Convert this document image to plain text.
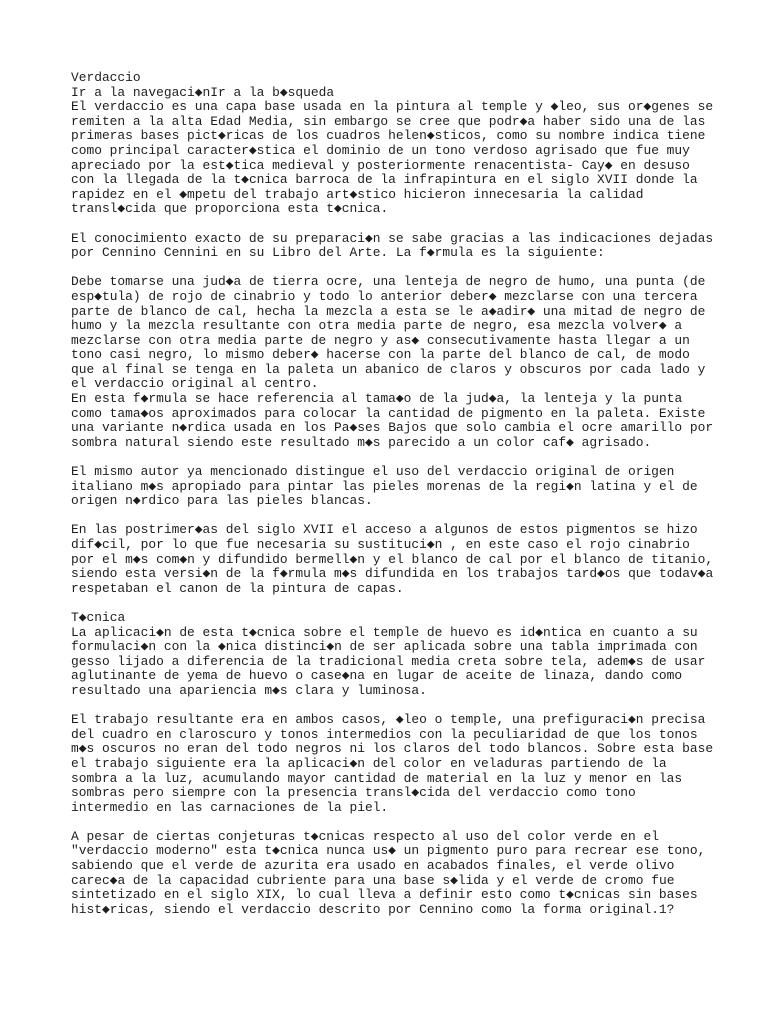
Verdaccio

Ir a la navegaci◆nIr a la b◆squeda

El verdaccio es una capa base usada en la pintura al temple y ◆leo, sus or◆genes se
remiten a la alta Edad Media, sin embargo se cree que podr◆a haber sido una de las
primeras bases pict◆ricas de los cuadros helen◆sticos, como su nombre indica tiene
como principal caracter◆stica el dominio de un tono verdoso agrisado que fue muy
apreciado por la est◆tica medieval y posteriormente renacentista- Cay◆ en desuso
con la llegada de la t◆cnica barroca de la infrapintura en el siglo XVII donde la
rapidez en el ◆mpetu del trabajo art◆stico hicieron innecesaria la calidad
transl◆cida que proporciona esta t◆cnica.

El conocimiento exacto de su preparaci◆n se sabe gracias a las indicaciones dejadas
por Cennino Cennini en su Libro del Arte. La f◆rmula es la siguiente:

Debe tomarse una jud◆a de tierra ocre, una lenteja de negro de humo, una punta (de
esp◆tula) de rojo de cinabrio y todo lo anterior deber◆ mezclarse con una tercera
parte de blanco de cal, hecha la mezcla a esta se le a◆adir◆ una mitad de negro de
humo y la mezcla resultante con otra media parte de negro, esa mezcla volver◆ a
mezclarse con otra media parte de negro y as◆ consecutivamente hasta llegar a un
tono casi negro, lo mismo deber◆ hacerse con la parte del blanco de cal, de modo
que al final se tenga en la paleta un abanico de claros y obscuros por cada lado y
el verdaccio original al centro.

En esta f◆rmula se hace referencia al tama◆o de la jud◆a, la lenteja y la punta
como tama◆os aproximados para colocar la cantidad de pigmento en la paleta. Existe
una variante n◆rdica usada en los Pa◆ses Bajos que solo cambia el ocre amarillo por
sombra natural siendo este resultado m◆s parecido a un color caf◆ agrisado.

El mismo autor ya mencionado distingue el uso del verdaccio original de origen
italiano m◆s apropiado para pintar las pieles morenas de la regi◆n latina y el de
origen n◆rdico para las pieles blancas.

En las postrimer◆as del siglo XVII el acceso a algunos de estos pigmentos se hizo
dif◆cil, por lo que fue necesaria su sustituci◆n , en este caso el rojo cinabrio
por el m◆s com◆n y difundido bermell◆n y el blanco de cal por el blanco de titanio,
siendo esta versi◆n de la f◆rmula m◆s difundida en los trabajos tard◆os que todav◆a
respetaban el canon de la pintura de capas.

T◆cnica

La aplicaci◆n de esta t◆cnica sobre el temple de huevo es id◆ntica en cuanto a su
formulaci◆n con la ◆nica distinci◆n de ser aplicada sobre una tabla imprimada con
gesso lijado a diferencia de la tradicional media creta sobre tela, adem◆s de usar
aglutinante de yema de huevo o case◆na en lugar de aceite de linaza, dando como
resultado una apariencia m◆s clara y luminosa.

El trabajo resultante era en ambos casos, ◆leo o temple, una prefiguraci◆n precisa
del cuadro en claroscuro y tonos intermedios con la peculiaridad de que los tonos
m◆s oscuros no eran del todo negros ni los claros del todo blancos. Sobre esta base
el trabajo siguiente era la aplicaci◆n del color en veladuras partiendo de la
sombra a la luz, acumulando mayor cantidad de material en la luz y menor en las
sombras pero siempre con la presencia transl◆cida del verdaccio como tono
intermedio en las carnaciones de la piel.

A pesar de ciertas conjeturas t◆cnicas respecto al uso del color verde en el
"verdaccio moderno" esta t◆cnica nunca us◆ un pigmento puro para recrear ese tono,
sabiendo que el verde de azurita era usado en acabados finales, el verde olivo
carec◆a de la capacidad cubriente para una base s◆lida y el verde de cromo fue
sintetizado en el siglo XIX, lo cual lleva a definir esto como t◆cnicas sin bases
hist◆ricas, siendo el verdaccio descrito por Cennino como la forma original.1?
